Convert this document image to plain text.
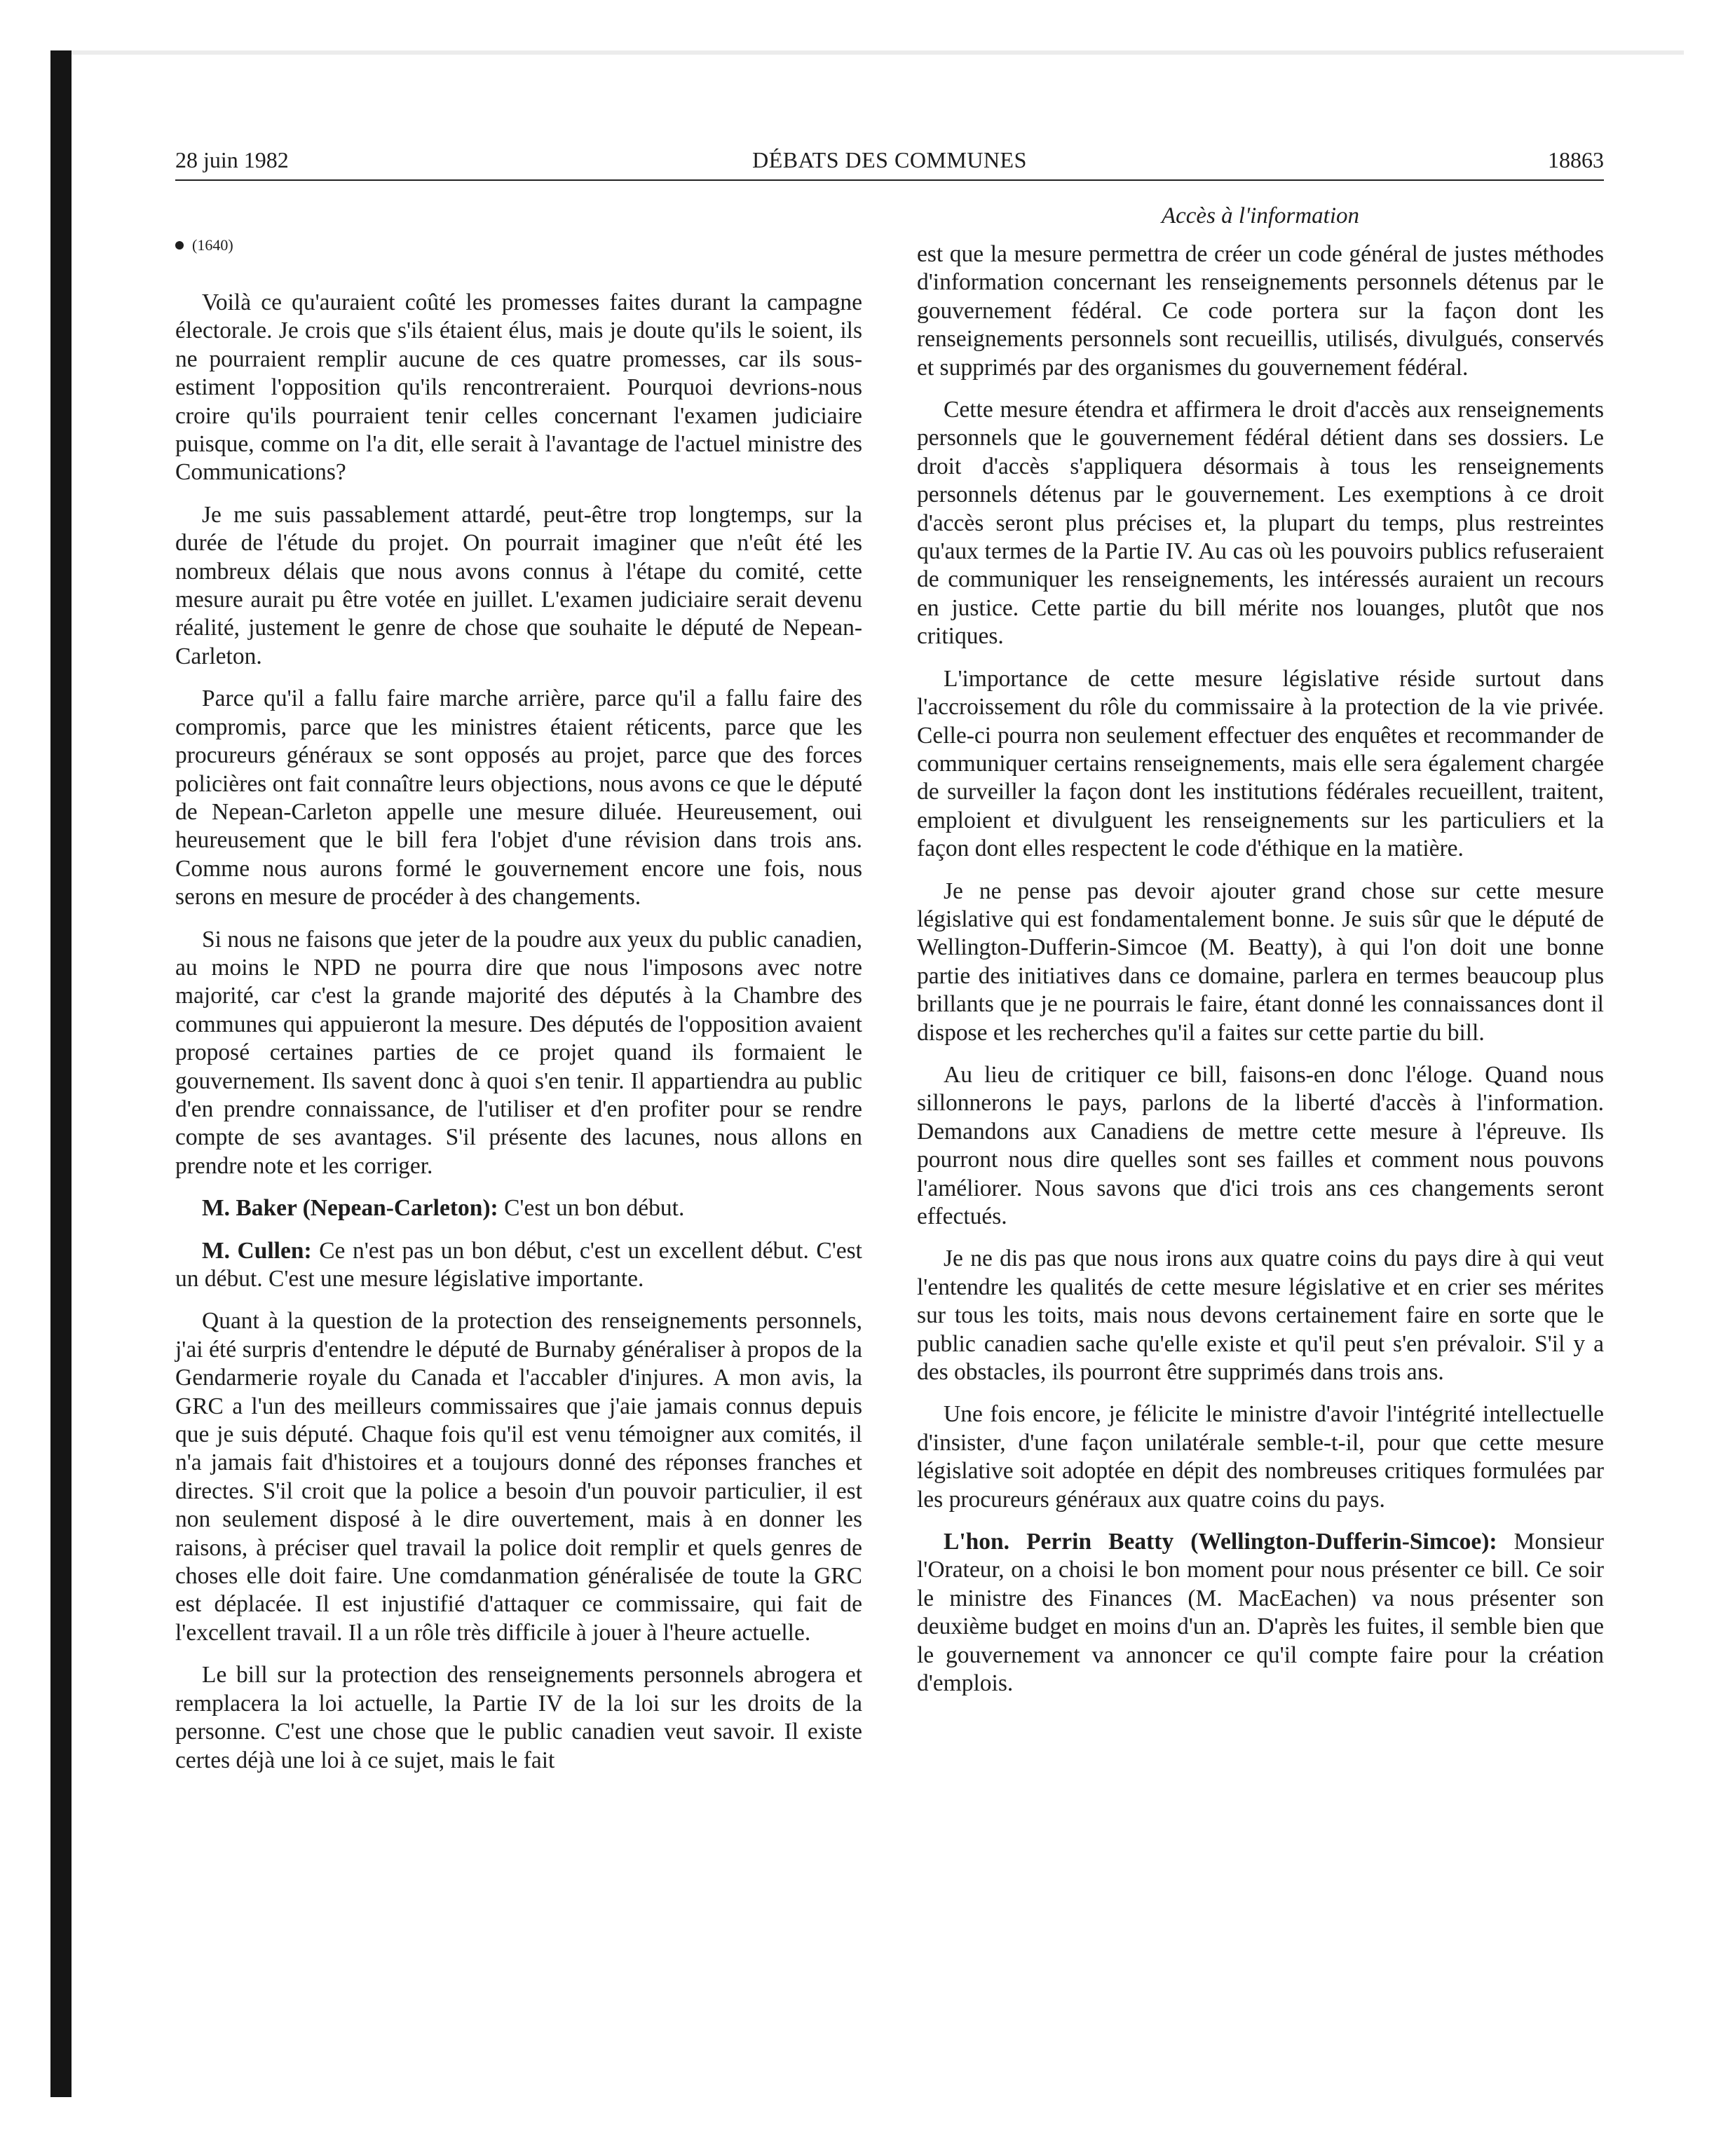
28 juin 1982	DÉBATS DES COMMUNES	18863
Accès à l'information
(1640)

Voilà ce qu'auraient coûté les promesses faites durant la campagne électorale. Je crois que s'ils étaient élus, mais je doute qu'ils le soient, ils ne pourraient remplir aucune de ces quatre promesses, car ils sous-estiment l'opposition qu'ils rencontreraient. Pourquoi devrions-nous croire qu'ils pourraient tenir celles concernant l'examen judiciaire puisque, comme on l'a dit, elle serait à l'avantage de l'actuel ministre des Communications?

Je me suis passablement attardé, peut-être trop longtemps, sur la durée de l'étude du projet. On pourrait imaginer que n'eût été les nombreux délais que nous avons connus à l'étape du comité, cette mesure aurait pu être votée en juillet. L'examen judiciaire serait devenu réalité, justement le genre de chose que souhaite le député de Nepean-Carleton.

Parce qu'il a fallu faire marche arrière, parce qu'il a fallu faire des compromis, parce que les ministres étaient réticents, parce que les procureurs généraux se sont opposés au projet, parce que des forces policières ont fait connaître leurs objections, nous avons ce que le député de Nepean-Carleton appelle une mesure diluée. Heureusement, oui heureusement que le bill fera l'objet d'une révision dans trois ans. Comme nous aurons formé le gouvernement encore une fois, nous serons en mesure de procéder à des changements.

Si nous ne faisons que jeter de la poudre aux yeux du public canadien, au moins le NPD ne pourra dire que nous l'imposons avec notre majorité, car c'est la grande majorité des députés à la Chambre des communes qui appuieront la mesure. Des députés de l'opposition avaient proposé certaines parties de ce projet quand ils formaient le gouvernement. Ils savent donc à quoi s'en tenir. Il appartiendra au public d'en prendre connaissance, de l'utiliser et d'en profiter pour se rendre compte de ses avantages. S'il présente des lacunes, nous allons en prendre note et les corriger.

M. Baker (Nepean-Carleton): C'est un bon début.

M. Cullen: Ce n'est pas un bon début, c'est un excellent début. C'est un début. C'est une mesure législative importante.

Quant à la question de la protection des renseignements personnels, j'ai été surpris d'entendre le député de Burnaby généraliser à propos de la Gendarmerie royale du Canada et l'accabler d'injures. A mon avis, la GRC a l'un des meilleurs commissaires que j'aie jamais connus depuis que je suis député. Chaque fois qu'il est venu témoigner aux comités, il n'a jamais fait d'histoires et a toujours donné des réponses franches et directes. S'il croit que la police a besoin d'un pouvoir particulier, il est non seulement disposé à le dire ouvertement, mais à en donner les raisons, à préciser quel travail la police doit remplir et quels genres de choses elle doit faire. Une comdanmation généralisée de toute la GRC est déplacée. Il est injustifié d'attaquer ce commissaire, qui fait de l'excellent travail. Il a un rôle très difficile à jouer à l'heure actuelle.

Le bill sur la protection des renseignements personnels abrogera et remplacera la loi actuelle, la Partie IV de la loi sur les droits de la personne. C'est une chose que le public canadien veut savoir. Il existe certes déjà une loi à ce sujet, mais le fait

est que la mesure permettra de créer un code général de justes méthodes d'information concernant les renseignements personnels détenus par le gouvernement fédéral. Ce code portera sur la façon dont les renseignements personnels sont recueillis, utilisés, divulgués, conservés et supprimés par des organismes du gouvernement fédéral.

Cette mesure étendra et affirmera le droit d'accès aux renseignements personnels que le gouvernement fédéral détient dans ses dossiers. Le droit d'accès s'appliquera désormais à tous les renseignements personnels détenus par le gouvernement. Les exemptions à ce droit d'accès seront plus précises et, la plupart du temps, plus restreintes qu'aux termes de la Partie IV. Au cas où les pouvoirs publics refuseraient de communiquer les renseignements, les intéressés auraient un recours en justice. Cette partie du bill mérite nos louanges, plutôt que nos critiques.

L'importance de cette mesure législative réside surtout dans l'accroissement du rôle du commissaire à la protection de la vie privée. Celle-ci pourra non seulement effectuer des enquêtes et recommander de communiquer certains renseignements, mais elle sera également chargée de surveiller la façon dont les institutions fédérales recueillent, traitent, emploient et divulguent les renseignements sur les particuliers et la façon dont elles respectent le code d'éthique en la matière.

Je ne pense pas devoir ajouter grand chose sur cette mesure législative qui est fondamentalement bonne. Je suis sûr que le député de Wellington-Dufferin-Simcoe (M. Beatty), à qui l'on doit une bonne partie des initiatives dans ce domaine, parlera en termes beaucoup plus brillants que je ne pourrais le faire, étant donné les connaissances dont il dispose et les recherches qu'il a faites sur cette partie du bill.

Au lieu de critiquer ce bill, faisons-en donc l'éloge. Quand nous sillonnerons le pays, parlons de la liberté d'accès à l'information. Demandons aux Canadiens de mettre cette mesure à l'épreuve. Ils pourront nous dire quelles sont ses failles et comment nous pouvons l'améliorer. Nous savons que d'ici trois ans ces changements seront effectués.

Je ne dis pas que nous irons aux quatre coins du pays dire à qui veut l'entendre les qualités de cette mesure législative et en crier ses mérites sur tous les toits, mais nous devons certainement faire en sorte que le public canadien sache qu'elle existe et qu'il peut s'en prévaloir. S'il y a des obstacles, ils pourront être supprimés dans trois ans.

Une fois encore, je félicite le ministre d'avoir l'intégrité intellectuelle d'insister, d'une façon unilatérale semble-t-il, pour que cette mesure législative soit adoptée en dépit des nombreuses critiques formulées par les procureurs généraux aux quatre coins du pays.

L'hon. Perrin Beatty (Wellington-Dufferin-Simcoe): Monsieur l'Orateur, on a choisi le bon moment pour nous présenter ce bill. Ce soir le ministre des Finances (M. MacEachen) va nous présenter son deuxième budget en moins d'un an. D'après les fuites, il semble bien que le gouvernement va annoncer ce qu'il compte faire pour la création d'emplois.
